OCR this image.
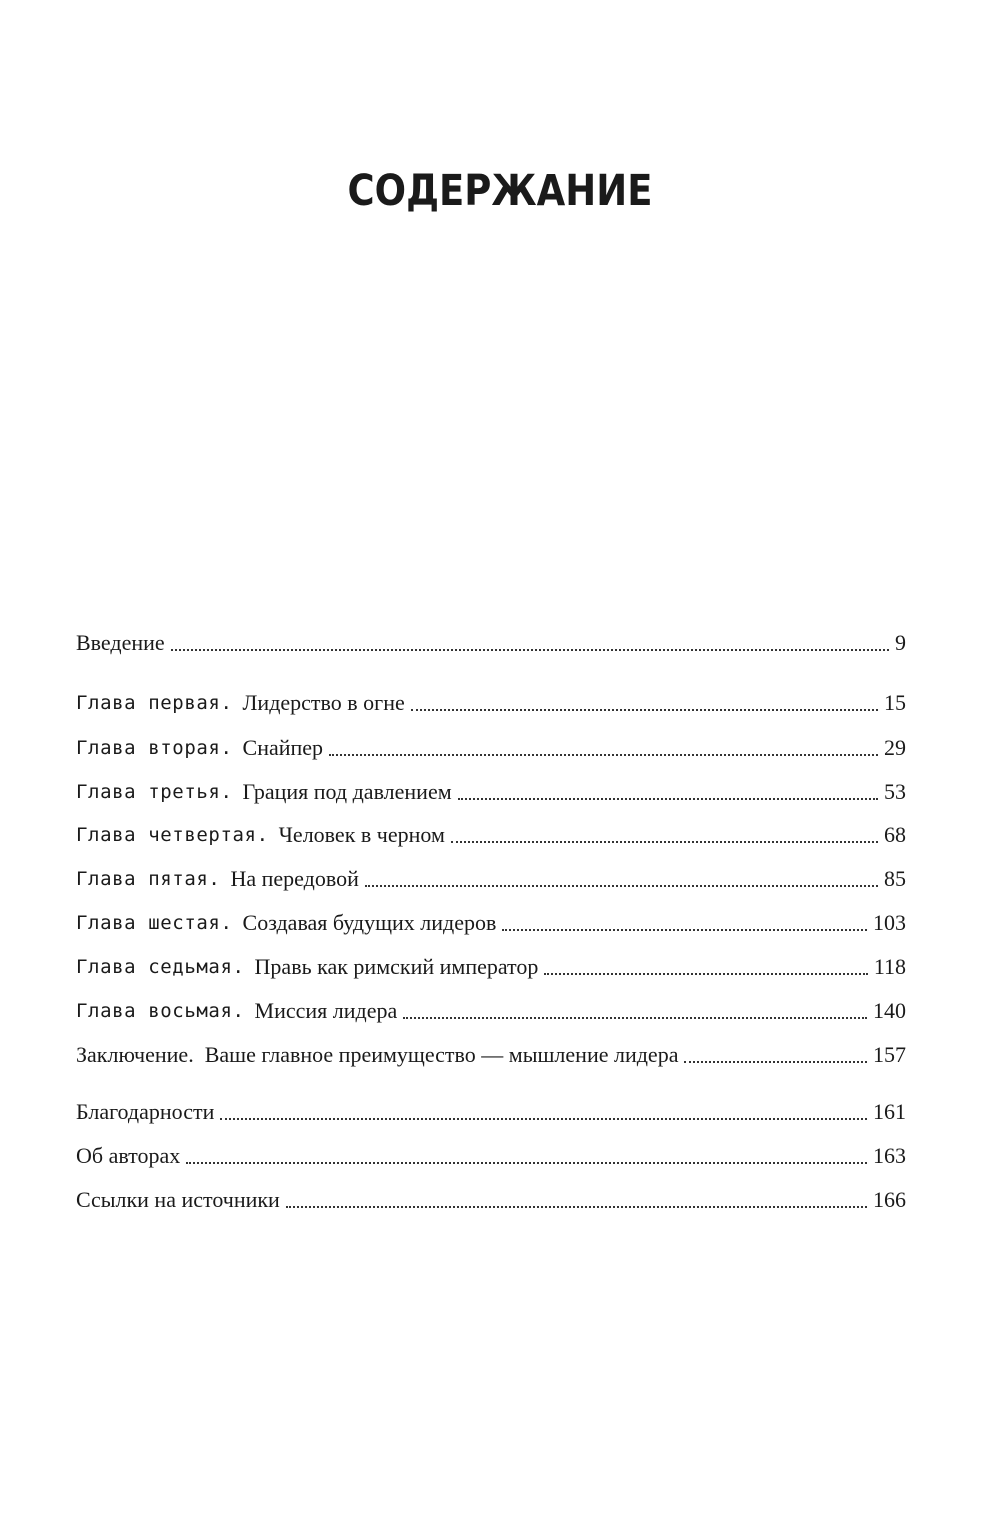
СОДЕРЖАНИЕ
Введение	9
Глава первая. Лидерство в огне	15
Глава вторая. Снайпер	29
Глава третья. Грация под давлением	53
Глава четвертая. Человек в черном	68
Глава пятая. На передовой	85
Глава шестая. Создавая будущих лидеров	103
Глава седьмая. Правь как римский император	118
Глава восьмая. Миссия лидера	140
Заключение.  Ваше главное преимущество — мышление лидера	157
Благодарности	161
Об авторах	163
Ссылки на источники	166
